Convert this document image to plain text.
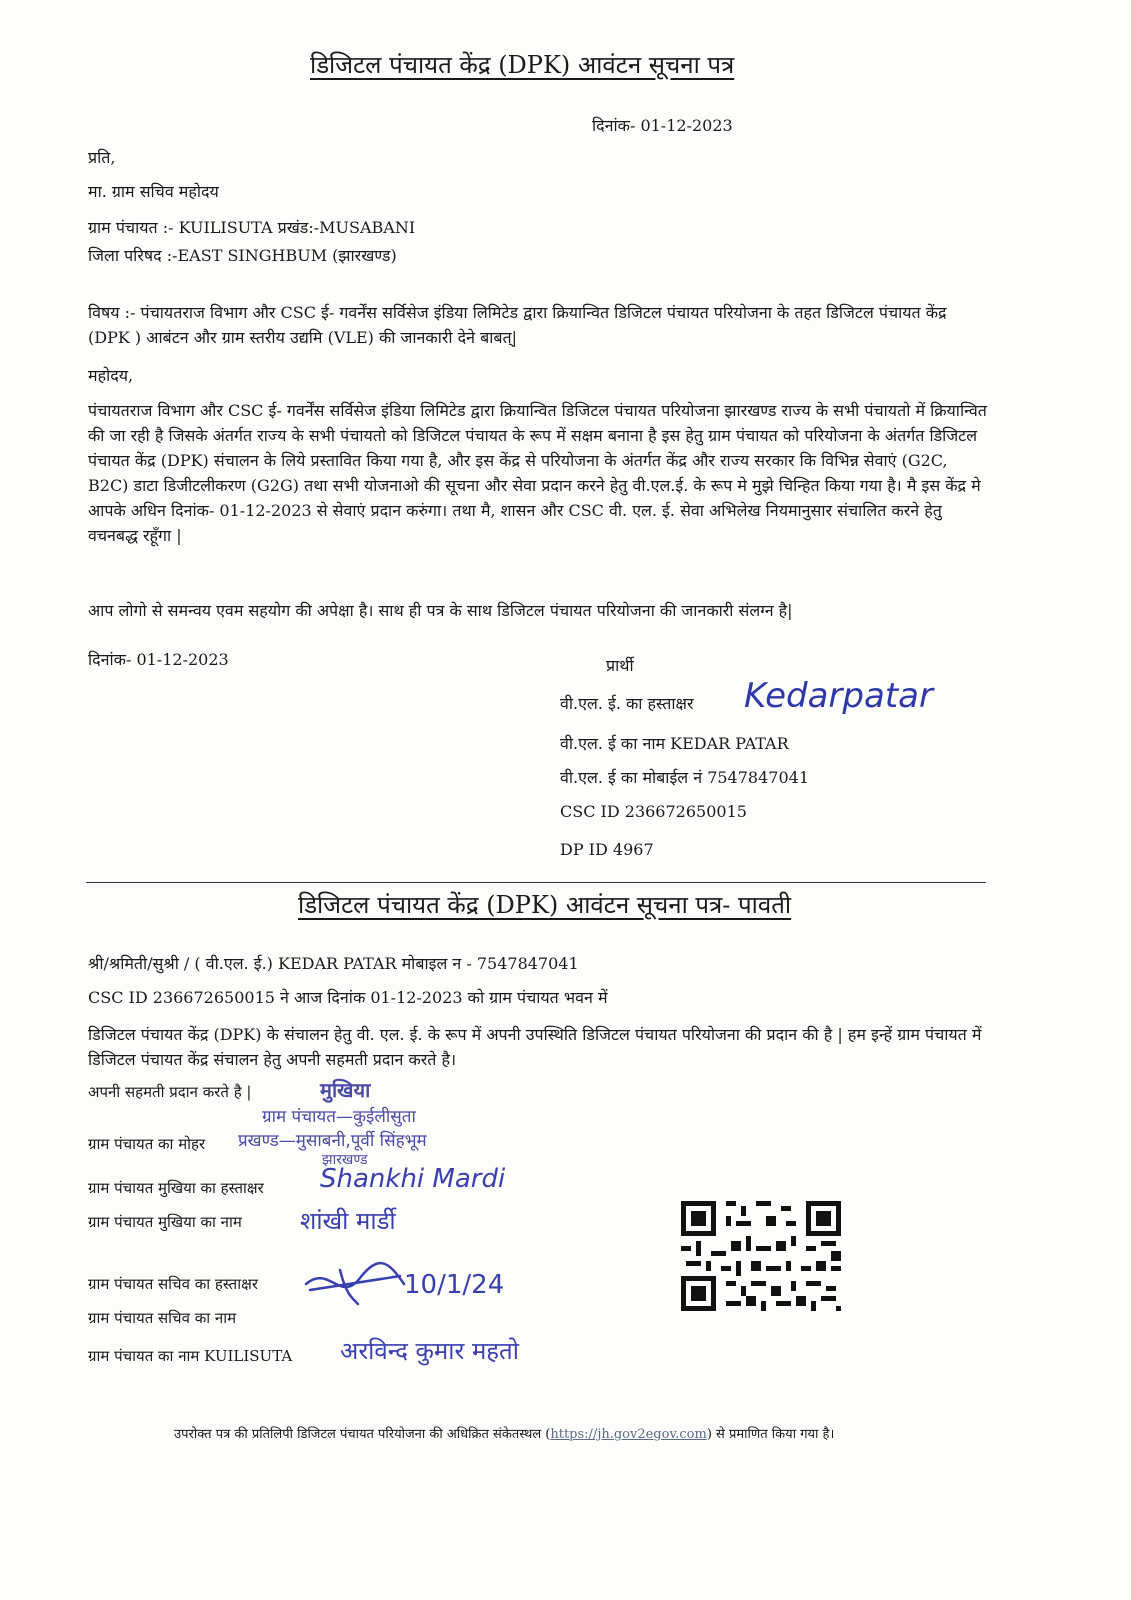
डिजिटल पंचायत केंद्र (DPK) आवंटन सूचना पत्र
दिनांक- 01-12-2023
प्रति,
मा. ग्राम सचिव महोदय
ग्राम पंचायत :- KUILISUTA प्रखंड:-MUSABANI
जिला परिषद :-EAST SINGHBUM (झारखण्ड)
विषय :- पंचायतराज विभाग और CSC ई- गवर्नेंस सर्विसेज इंडिया लिमिटेड द्वारा क्रियान्वित डिजिटल पंचायत परियोजना के तहत डिजिटल पंचायत केंद्र (DPK ) आबंटन और ग्राम स्तरीय उद्यमि (VLE) की जानकारी देने बाबत्|
महोदय,
पंचायतराज विभाग और CSC ई- गवर्नेंस सर्विसेज इंडिया लिमिटेड द्वारा क्रियान्वित डिजिटल पंचायत परियोजना झारखण्ड राज्य के सभी पंचायतो में क्रियान्वित की जा रही है जिसके अंतर्गत राज्य के सभी पंचायतो को डिजिटल पंचायत के रूप में सक्षम बनाना है इस हेतु ग्राम पंचायत को परियोजना के अंतर्गत डिजिटल पंचायत केंद्र (DPK) संचालन के लिये प्रस्तावित किया गया है, और इस केंद्र से परियोजना के अंतर्गत केंद्र और राज्य सरकार कि विभिन्न सेवाएं (G2C, B2C) डाटा डिजीटलीकरण (G2G) तथा सभी योजनाओ की सूचना और सेवा प्रदान करने हेतु वी.एल.ई. के रूप मे मुझे चिन्हित किया गया है। मै इस केंद्र मे आपके अधिन दिनांक- 01-12-2023 से सेवाएं प्रदान करुंगा। तथा मै, शासन और CSC वी. एल. ई. सेवा अभिलेख नियमानुसार संचालित करने हेतु वचनबद्ध रहूँगा |
आप लोगो से समन्वय एवम सहयोग की अपेक्षा है। साथ ही पत्र के साथ डिजिटल पंचायत परियोजना की जानकारी संलग्न है|
दिनांक- 01-12-2023	प्रार्थी
वी.एल. ई. का हस्ताक्षर Kedarpatar
वी.एल. ई का नाम KEDAR PATAR
वी.एल. ई का मोबाईल नं 7547847041
CSC ID 236672650015
DP ID 4967
डिजिटल पंचायत केंद्र (DPK) आवंटन सूचना पत्र- पावती
श्री/श्रमिती/सुश्री / ( वी.एल. ई.) KEDAR PATAR मोबाइल न - 7547847041
CSC ID 236672650015 ने आज दिनांक 01-12-2023 को ग्राम पंचायत भवन में
डिजिटल पंचायत केंद्र (DPK) के संचालन हेतु वी. एल. ई. के रूप में अपनी उपस्थिति डिजिटल पंचायत परियोजना की प्रदान की है | हम इन्हें ग्राम पंचायत में डिजिटल पंचायत केंद्र संचालन हेतु अपनी सहमती प्रदान करते है।
अपनी सहमती प्रदान करते है |	मुखिया
ग्राम पंचायत—कुईलीसुता
प्रखण्ड—मुसाबनी,पूर्वी सिंहभूम
झारखण्ड
ग्राम पंचायत का मोहर
ग्राम पंचायत मुखिया का हस्ताक्षर Shankhi Mardi
ग्राम पंचायत मुखिया का नाम शांखी मार्डी
ग्राम पंचायत सचिव का हस्ताक्षर	10/1/24
ग्राम पंचायत सचिव का नाम
ग्राम पंचायत का नाम KUILISUTA अरविन्द कुमार महतो
उपरोक्त पत्र की प्रतिलिपी डिजिटल पंचायत परियोजना की अधिक्रित संकेतस्थल (https://jh.gov2egov.com) से प्रमाणित किया गया है।
